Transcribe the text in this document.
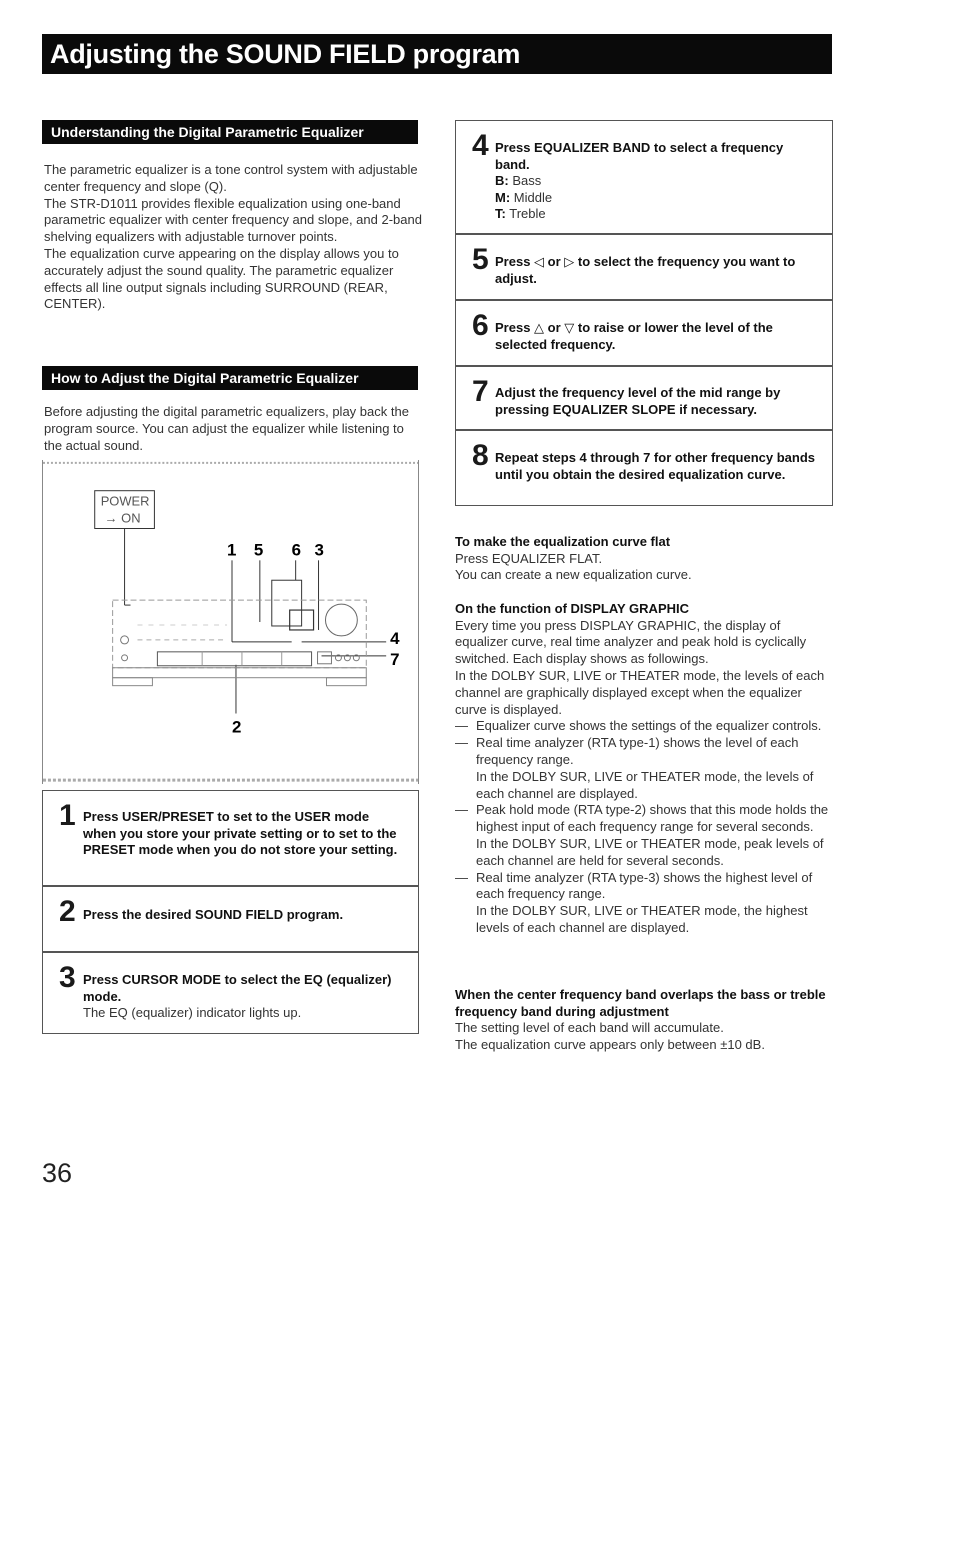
Adjusting the SOUND FIELD program
Understanding the Digital Parametric Equalizer

The parametric equalizer is a tone control system with adjustable center frequency and slope (Q).

The STR-D1011 provides flexible equalization using one-band parametric equalizer with center frequency and slope, and 2-band shelving equalizers with adjustable turnover points.

The equalization curve appearing on the display allows you to accurately adjust the sound quality. The parametric equalizer effects all line output signals including SURROUND (REAR, CENTER).

How to Adjust the Digital Parametric Equalizer
Before adjusting the digital parametric equalizers, play back the program source. You can adjust the equalizer while listening to the actual sound.
POWER
→ ON
1 5 6 3
4
7
2
1 Press USER/PRESET to set to the USER mode when you store your private setting or to set to the PRESET mode when you do not store your setting.
2 Press the desired SOUND FIELD program.
3 Press CURSOR MODE to select the EQ (equalizer) mode.
The EQ (equalizer) indicator lights up.
4 Press EQUALIZER BAND to select a frequency band.
B: Bass
M: Middle
T: Treble
5 Press ◁ or ▷ to select the frequency you want to adjust.
6 Press △ or ▽ to raise or lower the level of the selected frequency.
7 Adjust the frequency level of the mid range by pressing EQUALIZER SLOPE if necessary.
8 Repeat steps 4 through 7 for other frequency bands until you obtain the desired equalization curve.
To make the equalization curve flat

Press EQUALIZER FLAT.

You can create a new equalization curve.

On the function of DISPLAY GRAPHIC

Every time you press DISPLAY GRAPHIC, the display of equalizer curve, real time analyzer and peak hold is cyclically switched. Each display shows as followings.

In the DOLBY SUR, LIVE or THEATER mode, the levels of each channel are graphically displayed except when the equalizer curve is displayed.

— Equalizer curve shows the settings of the equalizer controls.
— Real time analyzer (RTA type-1) shows the level of each frequency range.
In the DOLBY SUR, LIVE or THEATER mode, the levels of each channel are displayed.
— Peak hold mode (RTA type-2) shows that this mode holds the highest input of each frequency range for several seconds.
In the DOLBY SUR, LIVE or THEATER mode, peak levels of each channel are held for several seconds.
— Real time analyzer (RTA type-3) shows the highest level of each frequency range.
In the DOLBY SUR, LIVE or THEATER mode, the highest levels of each channel are displayed.
When the center frequency band overlaps the bass or treble frequency band during adjustment

The setting level of each band will accumulate.

The equalization curve appears only between ±10 dB.

36
